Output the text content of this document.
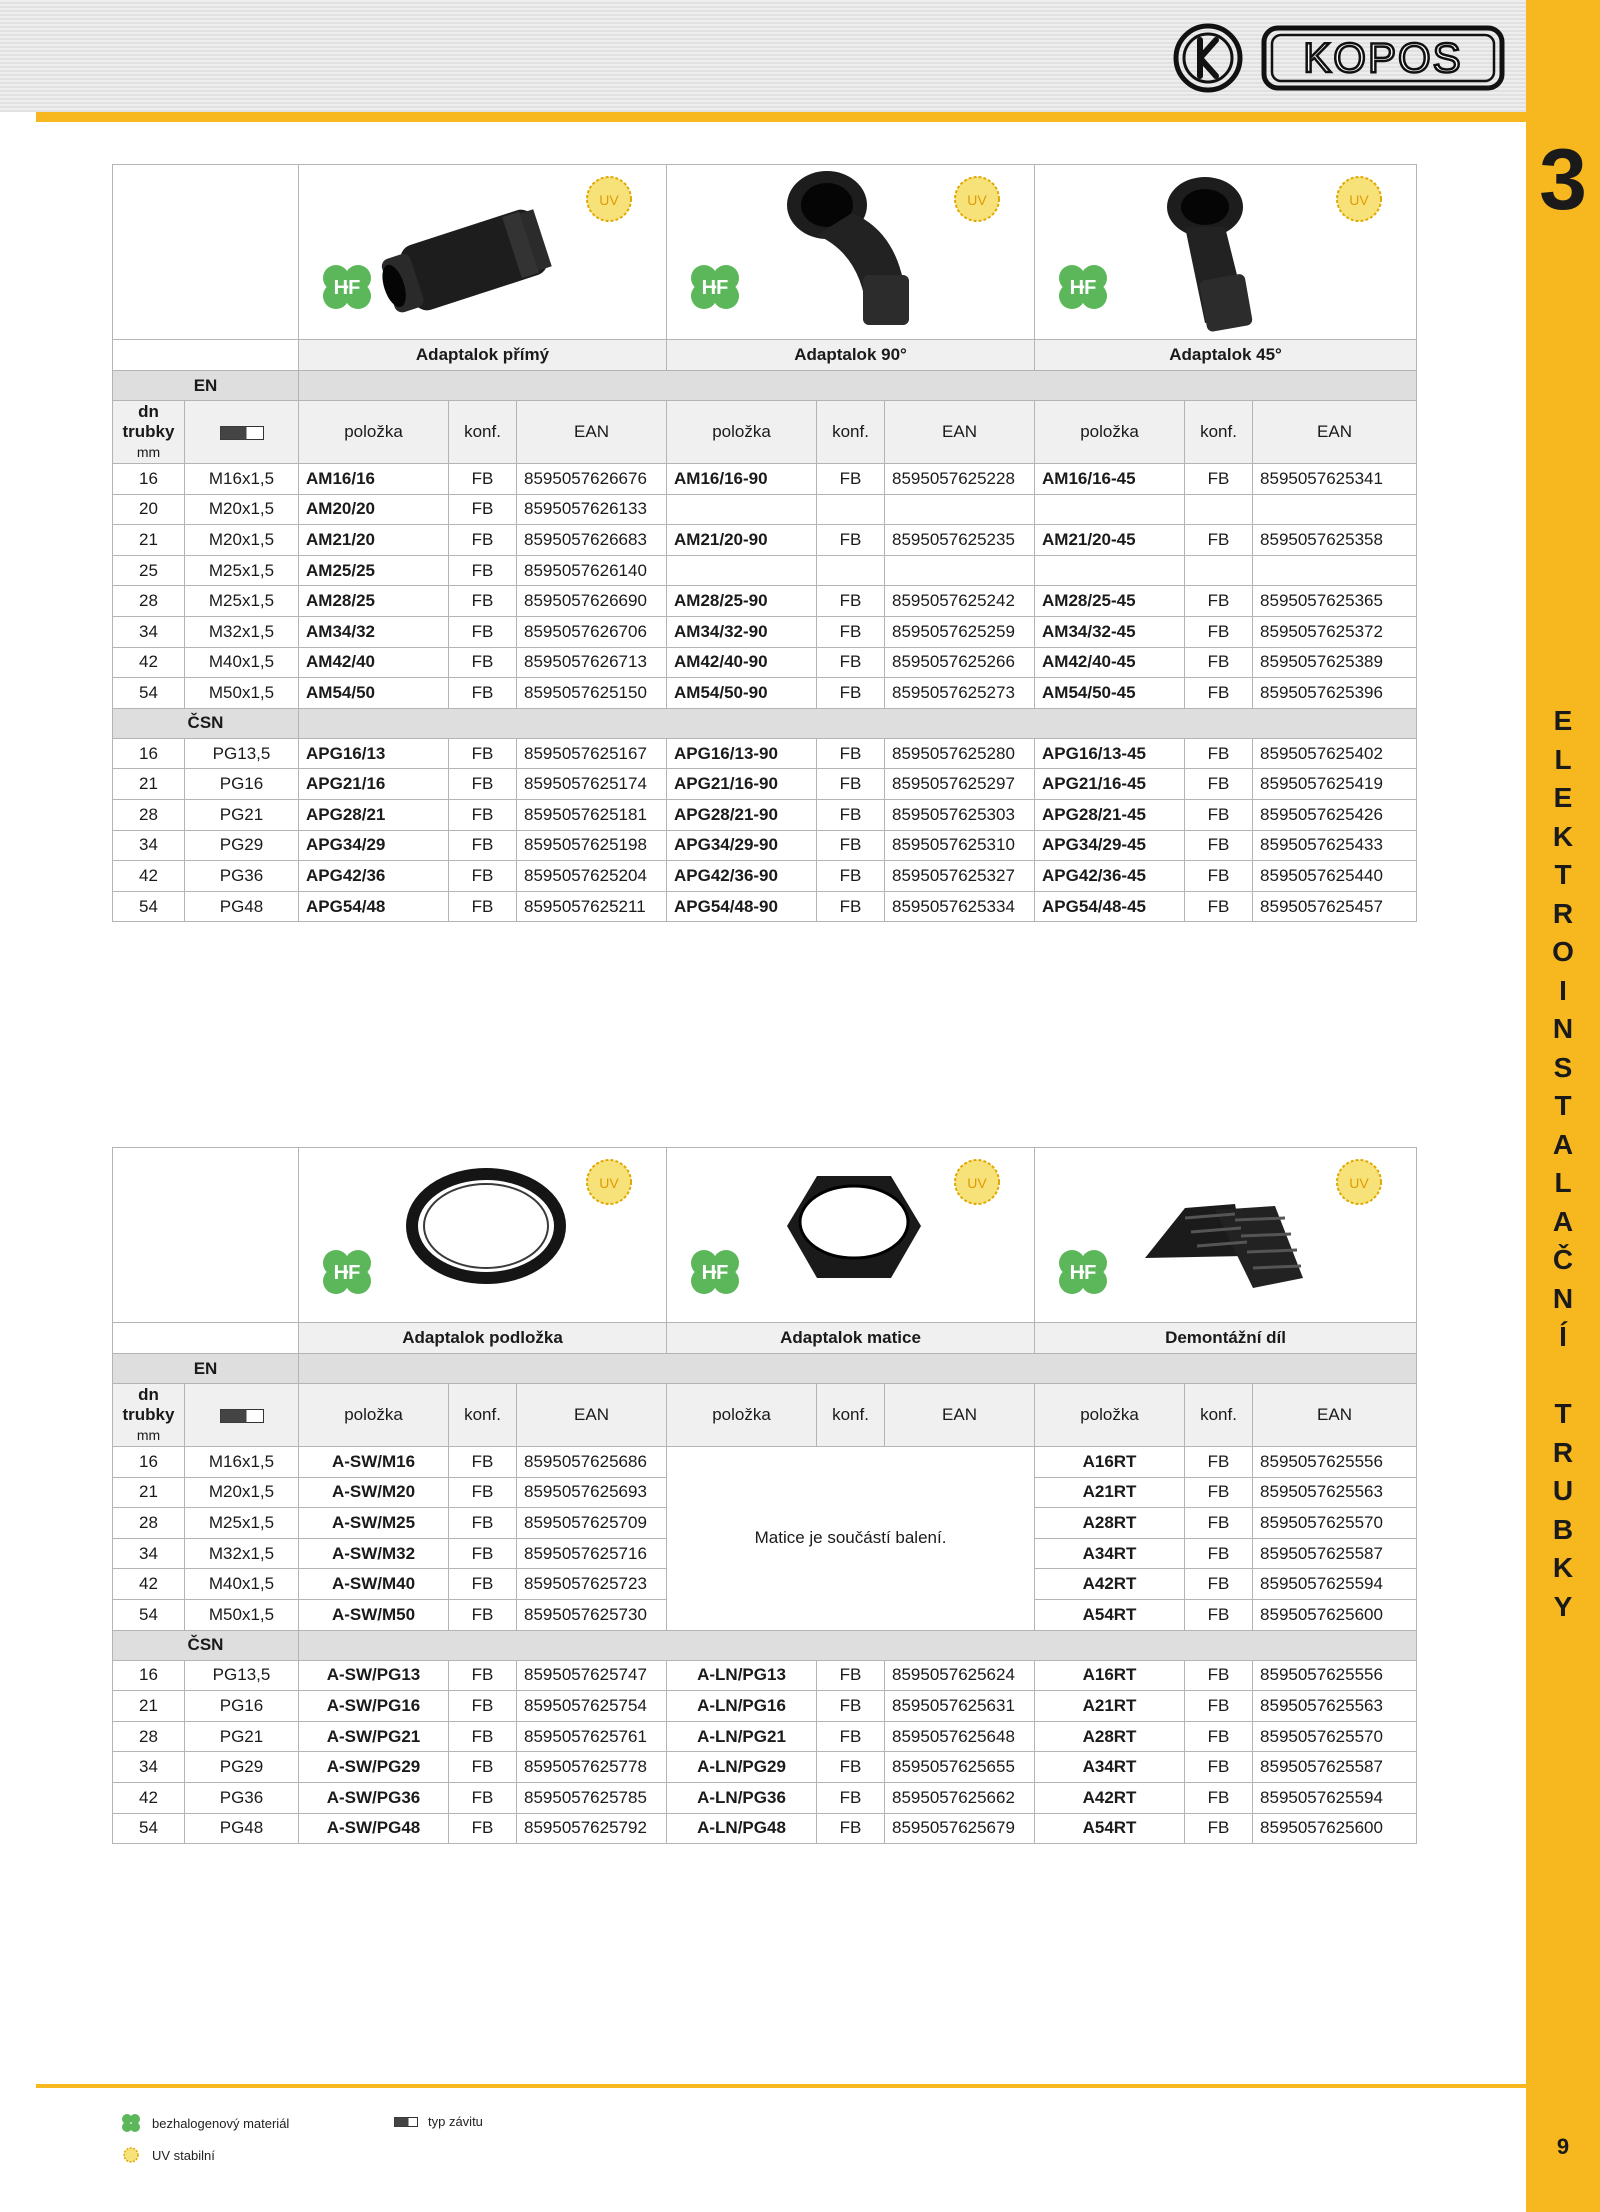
3
E
L
E
K
T
R
O
I
N
S
T
A
L
A
Č
N
Í
T
R
U
B
K
Y
9
KOPOS

UV
HF			UV
HF			UV
HF		

		Adaptalok přímý			Adaptalok 90°			Adaptalok 45°		
EN										
dn
trubky
mm		položka	konf.	EAN	položka	konf.	EAN	položka	konf.	EAN
16	M16x1,5	AM16/16	FB	8595057626676	AM16/16-90	FB	8595057625228	AM16/16-45	FB	8595057625341
20	M20x1,5	AM20/20	FB	8595057626133						
21	M20x1,5	AM21/20	FB	8595057626683	AM21/20-90	FB	8595057625235	AM21/20-45	FB	8595057625358
25	M25x1,5	AM25/25	FB	8595057626140						
28	M25x1,5	AM28/25	FB	8595057626690	AM28/25-90	FB	8595057625242	AM28/25-45	FB	8595057625365
34	M32x1,5	AM34/32	FB	8595057626706	AM34/32-90	FB	8595057625259	AM34/32-45	FB	8595057625372
42	M40x1,5	AM42/40	FB	8595057626713	AM42/40-90	FB	8595057625266	AM42/40-45	FB	8595057625389
54	M50x1,5	AM54/50	FB	8595057625150	AM54/50-90	FB	8595057625273	AM54/50-45	FB	8595057625396
ČSN										
16	PG13,5	APG16/13	FB	8595057625167	APG16/13-90	FB	8595057625280	APG16/13-45	FB	8595057625402
21	PG16	APG21/16	FB	8595057625174	APG21/16-90	FB	8595057625297	APG21/16-45	FB	8595057625419
28	PG21	APG28/21	FB	8595057625181	APG28/21-90	FB	8595057625303	APG28/21-45	FB	8595057625426
34	PG29	APG34/29	FB	8595057625198	APG34/29-90	FB	8595057625310	APG34/29-45	FB	8595057625433
42	PG36	APG42/36	FB	8595057625204	APG42/36-90	FB	8595057625327	APG42/36-45	FB	8595057625440
54	PG48	APG54/48	FB	8595057625211	APG54/48-90	FB	8595057625334	APG54/48-45	FB	8595057625457

UV
HF			UV
HF			UV
HF		

		Adaptalok podložka			Adaptalok matice			Demontážní díl		
EN										
dn
trubky
mm		položka	konf.	EAN	položka	konf.	EAN	položka	konf.	EAN
16	M16x1,5	A-SW/M16	FB	8595057625686	Matice je součástí balení.			A16RT	FB	8595057625556
21	M20x1,5	A-SW/M20	FB	8595057625693				A21RT	FB	8595057625563
28	M25x1,5	A-SW/M25	FB	8595057625709				A28RT	FB	8595057625570
34	M32x1,5	A-SW/M32	FB	8595057625716				A34RT	FB	8595057625587
42	M40x1,5	A-SW/M40	FB	8595057625723				A42RT	FB	8595057625594
54	M50x1,5	A-SW/M50	FB	8595057625730				A54RT	FB	8595057625600
ČSN										
16	PG13,5	A-SW/PG13	FB	8595057625747	A-LN/PG13	FB	8595057625624	A16RT	FB	8595057625556
21	PG16	A-SW/PG16	FB	8595057625754	A-LN/PG16	FB	8595057625631	A21RT	FB	8595057625563
28	PG21	A-SW/PG21	FB	8595057625761	A-LN/PG21	FB	8595057625648	A28RT	FB	8595057625570
34	PG29	A-SW/PG29	FB	8595057625778	A-LN/PG29	FB	8595057625655	A34RT	FB	8595057625587
42	PG36	A-SW/PG36	FB	8595057625785	A-LN/PG36	FB	8595057625662	A42RT	FB	8595057625594
54	PG48	A-SW/PG48	FB	8595057625792	A-LN/PG48	FB	8595057625679	A54RT	FB	8595057625600
bezhalogenový materiál
UV stabilní
typ závitu
